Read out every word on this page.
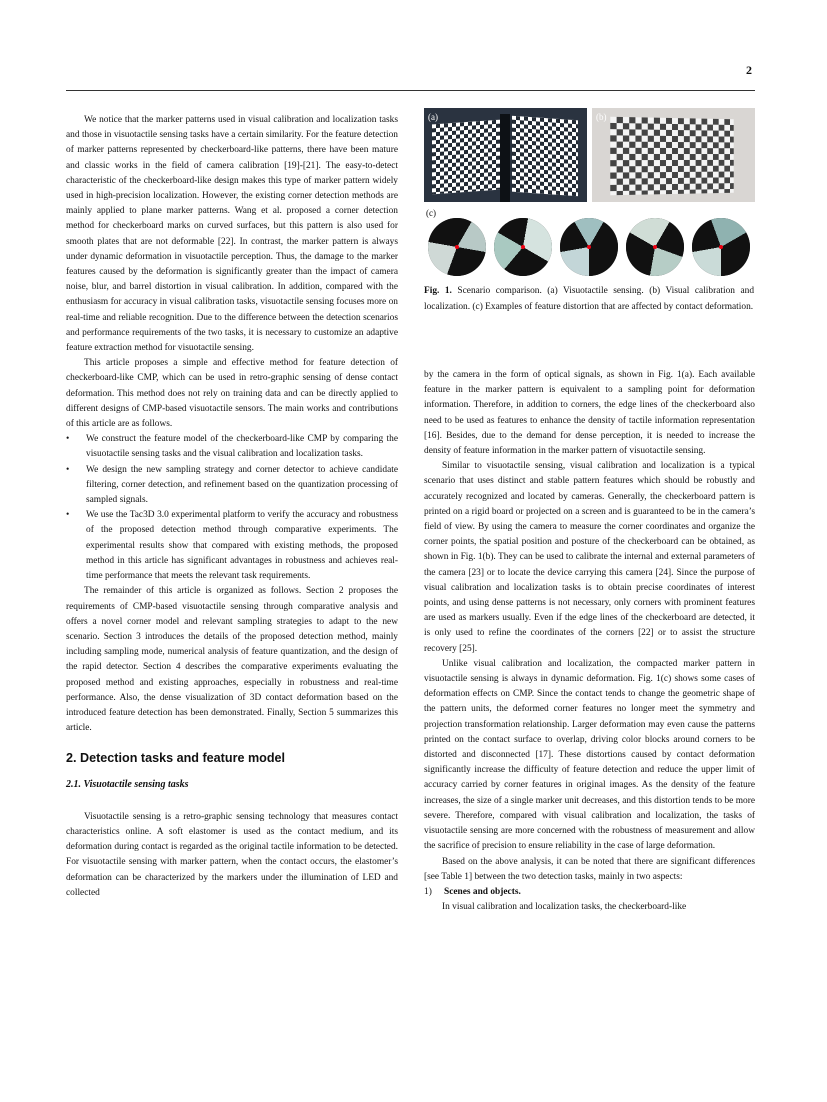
2

We notice that the marker patterns used in visual calibration and localization tasks and those in visuotactile sensing tasks have a certain similarity. For the feature detection of marker patterns represented by checkerboard-like patterns, there have been mature and classic works in the field of camera calibration [19]-[21]. The easy-to-detect characteristic of the checkerboard-like design makes this type of marker pattern widely used in high-precision localization. However, the existing corner detection methods are mainly applied to plane marker patterns. Wang et al. proposed a corner detection method for checkerboard marks on curved surfaces, but this pattern is also used for smooth plates that are not deformable [22]. In contrast, the marker pattern is always under dynamic deformation in visuotactile perception. Thus, the damage to the marker features caused by the deformation is significantly greater than the impact of camera noise, blur, and barrel distortion in visual calibration. In addition, compared with the enthusiasm for accuracy in visual calibration tasks, visuotactile sensing focuses more on real-time and reliable recognition. Due to the difference between the detection scenarios and performance requirements of the two tasks, it is necessary to customize an adaptive feature extraction method for visuotactile sensing.

This article proposes a simple and effective method for feature detection of checkerboard-like CMP, which can be used in retro-graphic sensing of dense contact deformation. This method does not rely on training data and can be directly applied to different designs of CMP-based visuotactile sensors. The main works and contributions of this article are as follows.

• We construct the feature model of the checkerboard-like CMP by comparing the visuotactile sensing tasks and the visual calibration and localization tasks.
• We design the new sampling strategy and corner detector to achieve candidate filtering, corner detection, and refinement based on the quantization processing of sampled signals.
• We use the Tac3D 3.0 experimental platform to verify the accuracy and robustness of the proposed detection method through comparative experiments. The experimental results show that compared with existing methods, the proposed method in this article has significant advantages in robustness and achieves real-time performance that meets the relevant task requirements.

The remainder of this article is organized as follows. Section 2 proposes the requirements of CMP-based visuotactile sensing through comparative analysis and offers a novel corner model and relevant sampling strategies to adapt to the new scenario. Section 3 introduces the details of the proposed detection method, mainly including sampling mode, numerical analysis of feature quantization, and the design of the rapid detector. Section 4 describes the comparative experiments evaluating the proposed method and existing approaches, especially in robustness and real-time performance. Also, the dense visualization of 3D contact deformation based on the introduced feature detection has been demonstrated. Finally, Section 5 summarizes this article.

2. Detection tasks and feature model
2.1. Visuotactile sensing tasks

Visuotactile sensing is a retro-graphic sensing technology that measures contact characteristics online. A soft elastomer is used as the contact medium, and its deformation during contact is regarded as the original tactile information to be detected. For visuotactile sensing with marker pattern, when the contact occurs, the elastomer’s deformation can be characterized by the markers under the illumination of LED and collected

(a)	(b)
(c)
Fig. 1. Scenario comparison. (a) Visuotactile sensing. (b) Visual calibration and localization. (c) Examples of feature distortion that are affected by contact deformation.

by the camera in the form of optical signals, as shown in Fig. 1(a). Each available feature in the marker pattern is equivalent to a sampling point for deformation information. Therefore, in addition to corners, the edge lines of the checkerboard also need to be used as features to enhance the density of tactile information representation [16]. Besides, due to the demand for dense perception, it is needed to increase the density of feature information in the marker pattern of visuotactile sensing.

Similar to visuotactile sensing, visual calibration and localization is a typical scenario that uses distinct and stable pattern features which should be robustly and accurately recognized and located by cameras. Generally, the checkerboard pattern is printed on a rigid board or projected on a screen and is guaranteed to be in the camera’s field of view. By using the camera to measure the corner coordinates and organize the corner points, the spatial position and posture of the checkerboard can be obtained, as shown in Fig. 1(b). They can be used to calibrate the internal and external parameters of the camera [23] or to locate the device carrying this camera [24]. Since the purpose of visual calibration and localization tasks is to obtain precise coordinates of interest points, and using dense patterns is not necessary, only corners with prominent features are used as markers usually. Even if the edge lines of the checkerboard are detected, it is only used to refine the coordinates of the corners [22] or to assist the structure recovery [25].

Unlike visual calibration and localization, the compacted marker pattern in visuotactile sensing is always in dynamic deformation. Fig. 1(c) shows some cases of deformation effects on CMP. Since the contact tends to change the geometric shape of the pattern units, the deformed corner features no longer meet the symmetry and projection transformation relationship. Larger deformation may even cause the patterns printed on the contact surface to overlap, driving color blocks around corners to be distorted and disconnected [17]. These distortions caused by contact deformation significantly increase the difficulty of feature detection and reduce the upper limit of accuracy carried by corner features in original images. As the density of the feature increases, the size of a single marker unit decreases, and this distortion tends to be more severe. Therefore, compared with visual calibration and localization, the tasks of visuotactile sensing are more concerned with the robustness of measurement and allow the sacrifice of precision to ensure reliability in the case of large deformation.

Based on the above analysis, it can be noted that there are significant differences [see Table 1] between the two detection tasks, mainly in two aspects:

1)	Scenes and objects.

In visual calibration and localization tasks, the checkerboard-like
